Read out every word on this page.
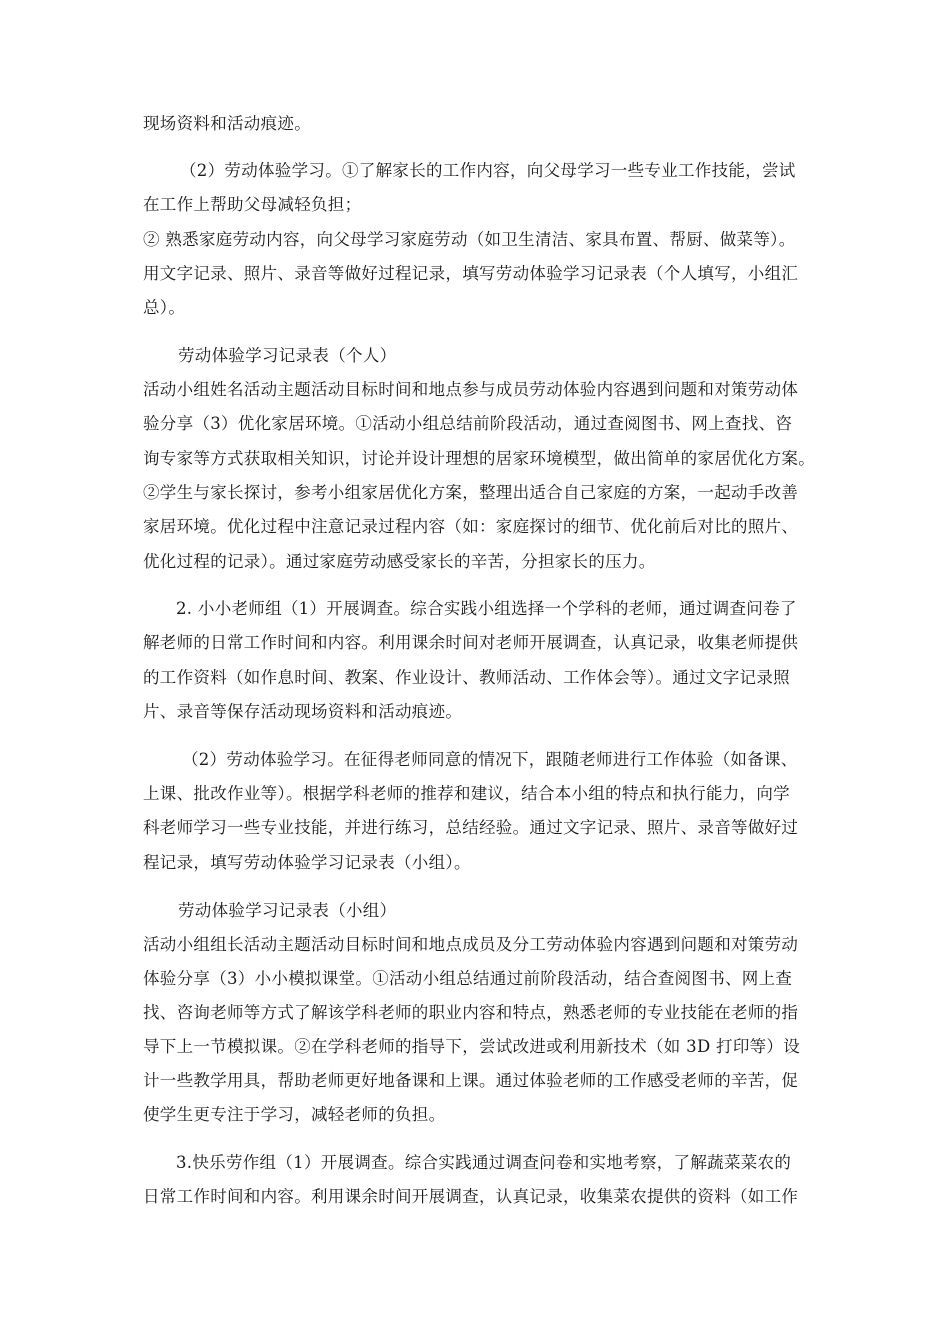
现场资料和活动痕迹。
（2）劳动体验学习。①了解家长的工作内容，向父母学习一些专业工作技能，尝试
在工作上帮助父母减轻负担；
② 熟悉家庭劳动内容，向父母学习家庭劳动（如卫生清洁、家具布置、帮厨、做菜等）。
用文字记录、照片、录音等做好过程记录，填写劳动体验学习记录表（个人填写，小组汇
总）。
劳动体验学习记录表（个人）
活动小组姓名活动主题活动目标时间和地点参与成员劳动体验内容遇到问题和对策劳动体
验分享（3）优化家居环境。①活动小组总结前阶段活动，通过查阅图书、网上查找、咨
询专家等方式获取相关知识，讨论并设计理想的居家环境模型，做出简单的家居优化方案。
②学生与家长探讨，参考小组家居优化方案，整理出适合自己家庭的方案，一起动手改善
家居环境。优化过程中注意记录过程内容（如：家庭探讨的细节、优化前后对比的照片、
优化过程的记录）。通过家庭劳动感受家长的辛苦，分担家长的压力。
2. 小小老师组（1）开展调查。综合实践小组选择一个学科的老师，通过调查问卷了
解老师的日常工作时间和内容。利用课余时间对老师开展调查，认真记录，收集老师提供
的工作资料（如作息时间、教案、作业设计、教师活动、工作体会等）。通过文字记录照
片、录音等保存活动现场资料和活动痕迹。
（2）劳动体验学习。在征得老师同意的情况下，跟随老师进行工作体验（如备课、
上课、批改作业等）。根据学科老师的推荐和建议，结合本小组的特点和执行能力，向学
科老师学习一些专业技能，并进行练习，总结经验。通过文字记录、照片、录音等做好过
程记录，填写劳动体验学习记录表（小组）。
劳动体验学习记录表（小组）
活动小组组长活动主题活动目标时间和地点成员及分工劳动体验内容遇到问题和对策劳动
体验分享（3）小小模拟课堂。①活动小组总结通过前阶段活动，结合查阅图书、网上查
找、咨询老师等方式了解该学科老师的职业内容和特点，熟悉老师的专业技能在老师的指
导下上一节模拟课。②在学科老师的指导下，尝试改进或利用新技术（如 3D 打印等）设
计一些教学用具，帮助老师更好地备课和上课。通过体验老师的工作感受老师的辛苦，促
使学生更专注于学习，减轻老师的负担。
3.快乐劳作组（1）开展调查。综合实践通过调查问卷和实地考察，了解蔬菜菜农的
日常工作时间和内容。利用课余时间开展调查，认真记录，收集菜农提供的资料（如工作
